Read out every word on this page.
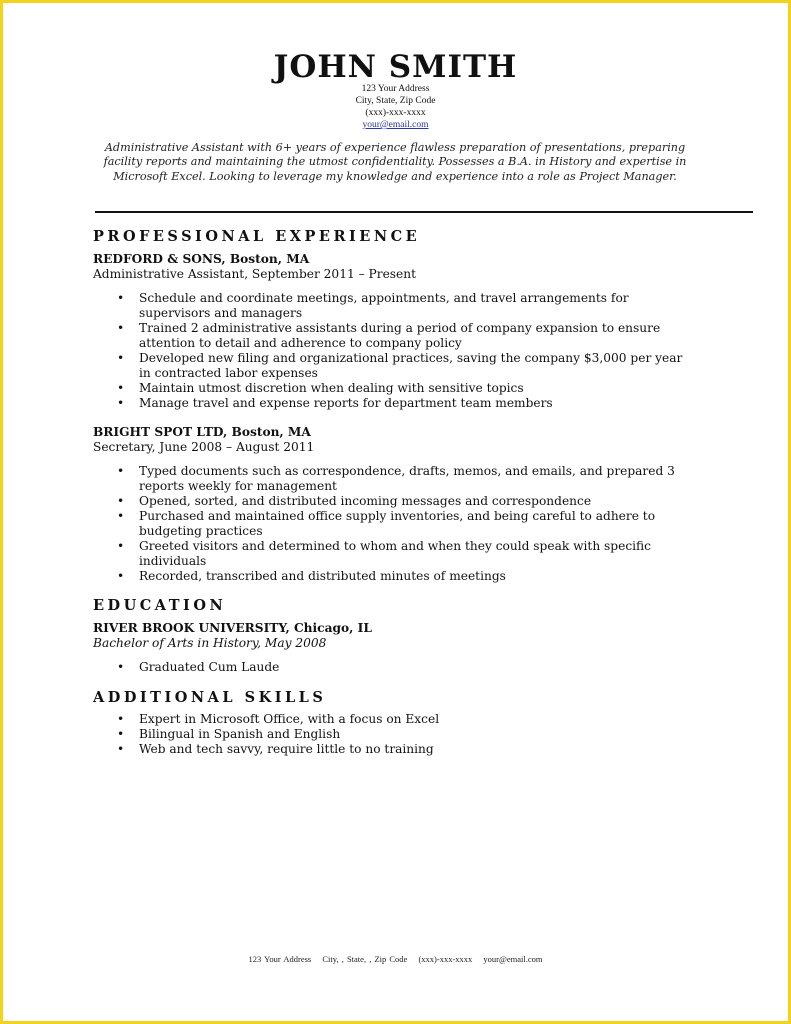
JOHN SMITH
123 Your Address
City, State, Zip Code
(xxx)-xxx-xxxx
your@email.com
Administrative Assistant with 6+ years of experience flawless preparation of presentations, preparing facility reports and maintaining the utmost confidentiality. Possesses a B.A. in History and expertise in Microsoft Excel. Looking to leverage my knowledge and experience into a role as Project Manager.
PROFESSIONAL EXPERIENCE
REDFORD & SONS, Boston, MA
Administrative Assistant, September 2011 – Present
• Schedule and coordinate meetings, appointments, and travel arrangements for supervisors and managers
• Trained 2 administrative assistants during a period of company expansion to ensure attention to detail and adherence to company policy
• Developed new filing and organizational practices, saving the company $3,000 per year in contracted labor expenses
• Maintain utmost discretion when dealing with sensitive topics
• Manage travel and expense reports for department team members
BRIGHT SPOT LTD, Boston, MA
Secretary, June 2008 – August 2011
• Typed documents such as correspondence, drafts, memos, and emails, and prepared 3 reports weekly for management
• Opened, sorted, and distributed incoming messages and correspondence
• Purchased and maintained office supply inventories, and being careful to adhere to budgeting practices
• Greeted visitors and determined to whom and when they could speak with specific individuals
• Recorded, transcribed and distributed minutes of meetings
EDUCATION
RIVER BROOK UNIVERSITY, Chicago, IL
Bachelor of Arts in History, May 2008
• Graduated Cum Laude
ADDITIONAL SKILLS
• Expert in Microsoft Office, with a focus on Excel
• Bilingual in Spanish and English
• Web and tech savvy, require little to no training
123 Your Address City, , State, , Zip Code (xxx)-xxx-xxxx your@email.com
